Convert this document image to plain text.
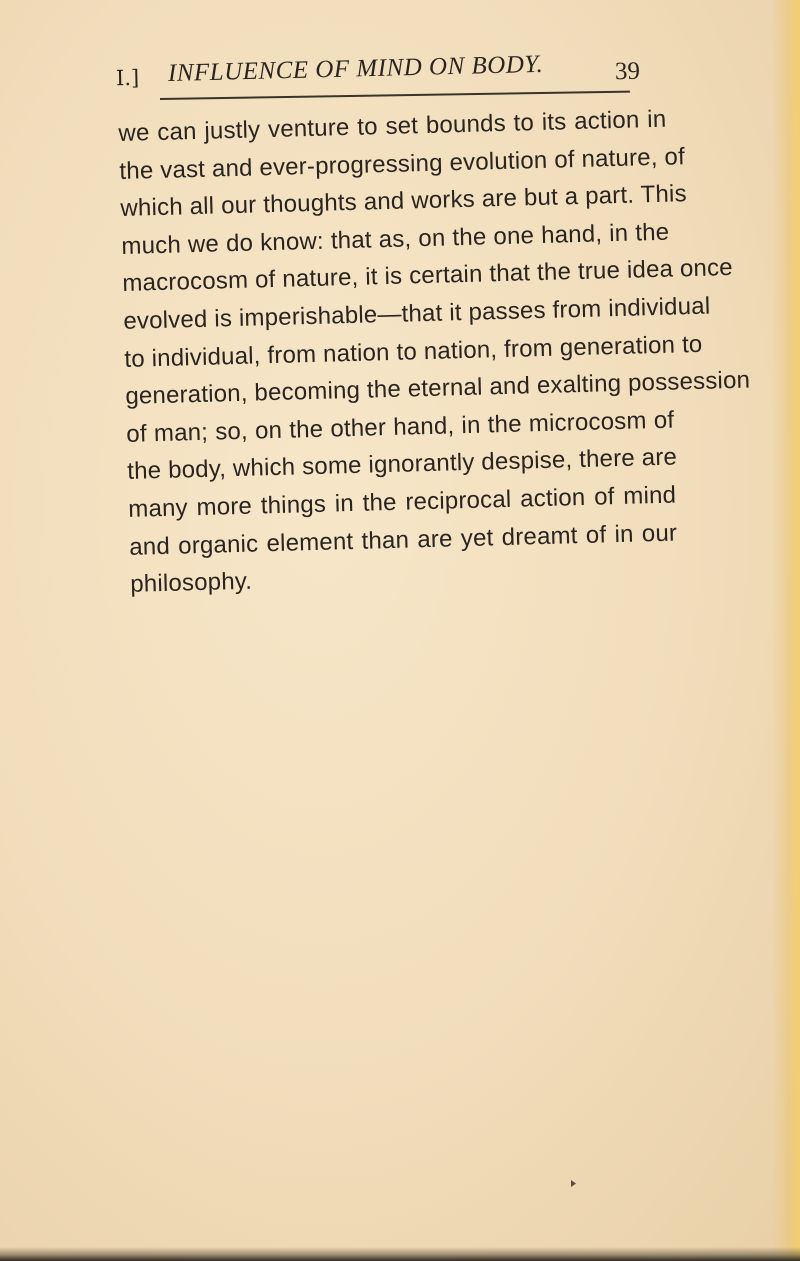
I.] INFLUENCE OF MIND ON BODY.	39
we can justly venture to set bounds to its action in
the vast and ever-progressing evolution of nature, of
which all our thoughts and works are but a part. This
much we do know: that as, on the one hand, in the
macrocosm of nature, it is certain that the true idea once
evolved is imperishable—that it passes from individual
to individual, from nation to nation, from generation to
generation, becoming the eternal and exalting possession
of man; so, on the other hand, in the microcosm of
the body, which some ignorantly despise, there are
many more things in the reciprocal action of mind
and organic element than are yet dreamt of in our
philosophy.
